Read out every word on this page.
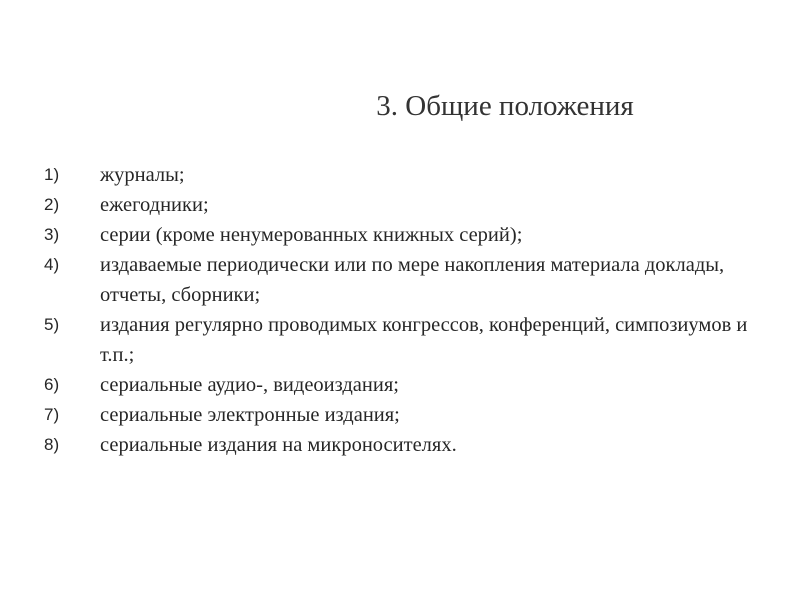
3. Общие положения
1)	журналы;
2)	ежегодники;
3)	серии (кроме ненумерованных книжных серий);
4)	издаваемые периодически или по мере накопления материала доклады, отчеты, сборники;
5)	издания регулярно проводимых конгрессов, конференций, симпозиумов и т.п.;
6)	сериальные аудио-, видеоиздания;
7)	сериальные электронные издания;
8)	сериальные издания на микроносителях.
